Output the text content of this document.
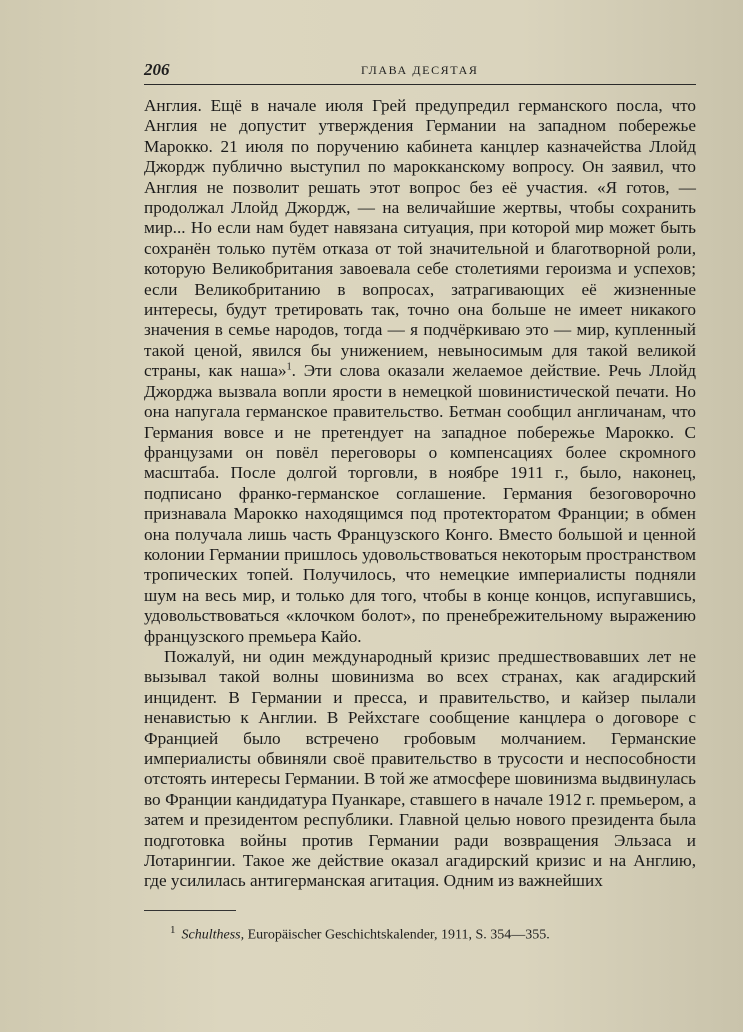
206	ГЛАВА ДЕСЯТАЯ

Англия. Ещё в начале июля Грей предупредил германского посла, что Англия не допустит утверждения Германии на западном побережье Марокко. 21 июля по поручению кабинета канцлер казначейства Ллойд Джордж публично выступил по марокканскому вопросу. Он заявил, что Англия не позволит решать этот вопрос без её участия. «Я готов, — продолжал Ллойд Джордж, — на величайшие жертвы, чтобы сохранить мир... Но если нам будет навязана ситуация, при которой мир может быть сохранён только путём отказа от той значительной и благотворной роли, которую Великобритания завоевала себе столетиями героизма и успехов; если Великобританию в вопросах, затрагивающих её жизненные интересы, будут третировать так, точно она больше не имеет никакого значения в семье народов, тогда — я подчёркиваю это — мир, купленный такой ценой, явился бы унижением, невыносимым для такой великой страны, как наша»$^1$. Эти слова оказали желаемое действие. Речь Ллойд Джорджа вызвала вопли ярости в немецкой шовинистической печати. Но она напугала германское правительство. Бетман сообщил англичанам, что Германия вовсе и не претендует на западное побережье Марокко. С французами он повёл переговоры о компенсациях более скромного масштаба. После долгой торговли, в ноябре 1911 г., было, наконец, подписано франко-германское соглашение. Германия безоговорочно признавала Марокко находящимся под протекторатом Франции; в обмен она получала лишь часть Французского Конго. Вместо большой и ценной колонии Германии пришлось удовольствоваться некоторым пространством тропических топей. Получилось, что немецкие империалисты подняли шум на весь мир, и только для того, чтобы в конце концов, испугавшись, удовольствоваться «клочком болот», по пренебрежительному выражению французского премьера Кайо.

Пожалуй, ни один международный кризис предшествовавших лет не вызывал такой волны шовинизма во всех странах, как агадирский инцидент. В Германии и пресса, и правительство, и кайзер пылали ненавистью к Англии. В Рейхстаге сообщение канцлера о договоре с Францией было встречено гробовым молчанием. Германские империалисты обвиняли своё правительство в трусости и неспособности отстоять интересы Германии. В той же атмосфере шовинизма выдвинулась во Франции кандидатура Пуанкаре, ставшего в начале 1912 г. премьером, а затем и президентом республики. Главной целью нового президента была подготовка войны против Германии ради возвращения Эльзаса и Лотарингии. Такое же действие оказал агадирский кризис и на Англию, где усилилась антигерманская агитация. Одним из важнейших

$^1$ Schulthess, Europäischer Geschichtskalender, 1911, S. 354—355.
